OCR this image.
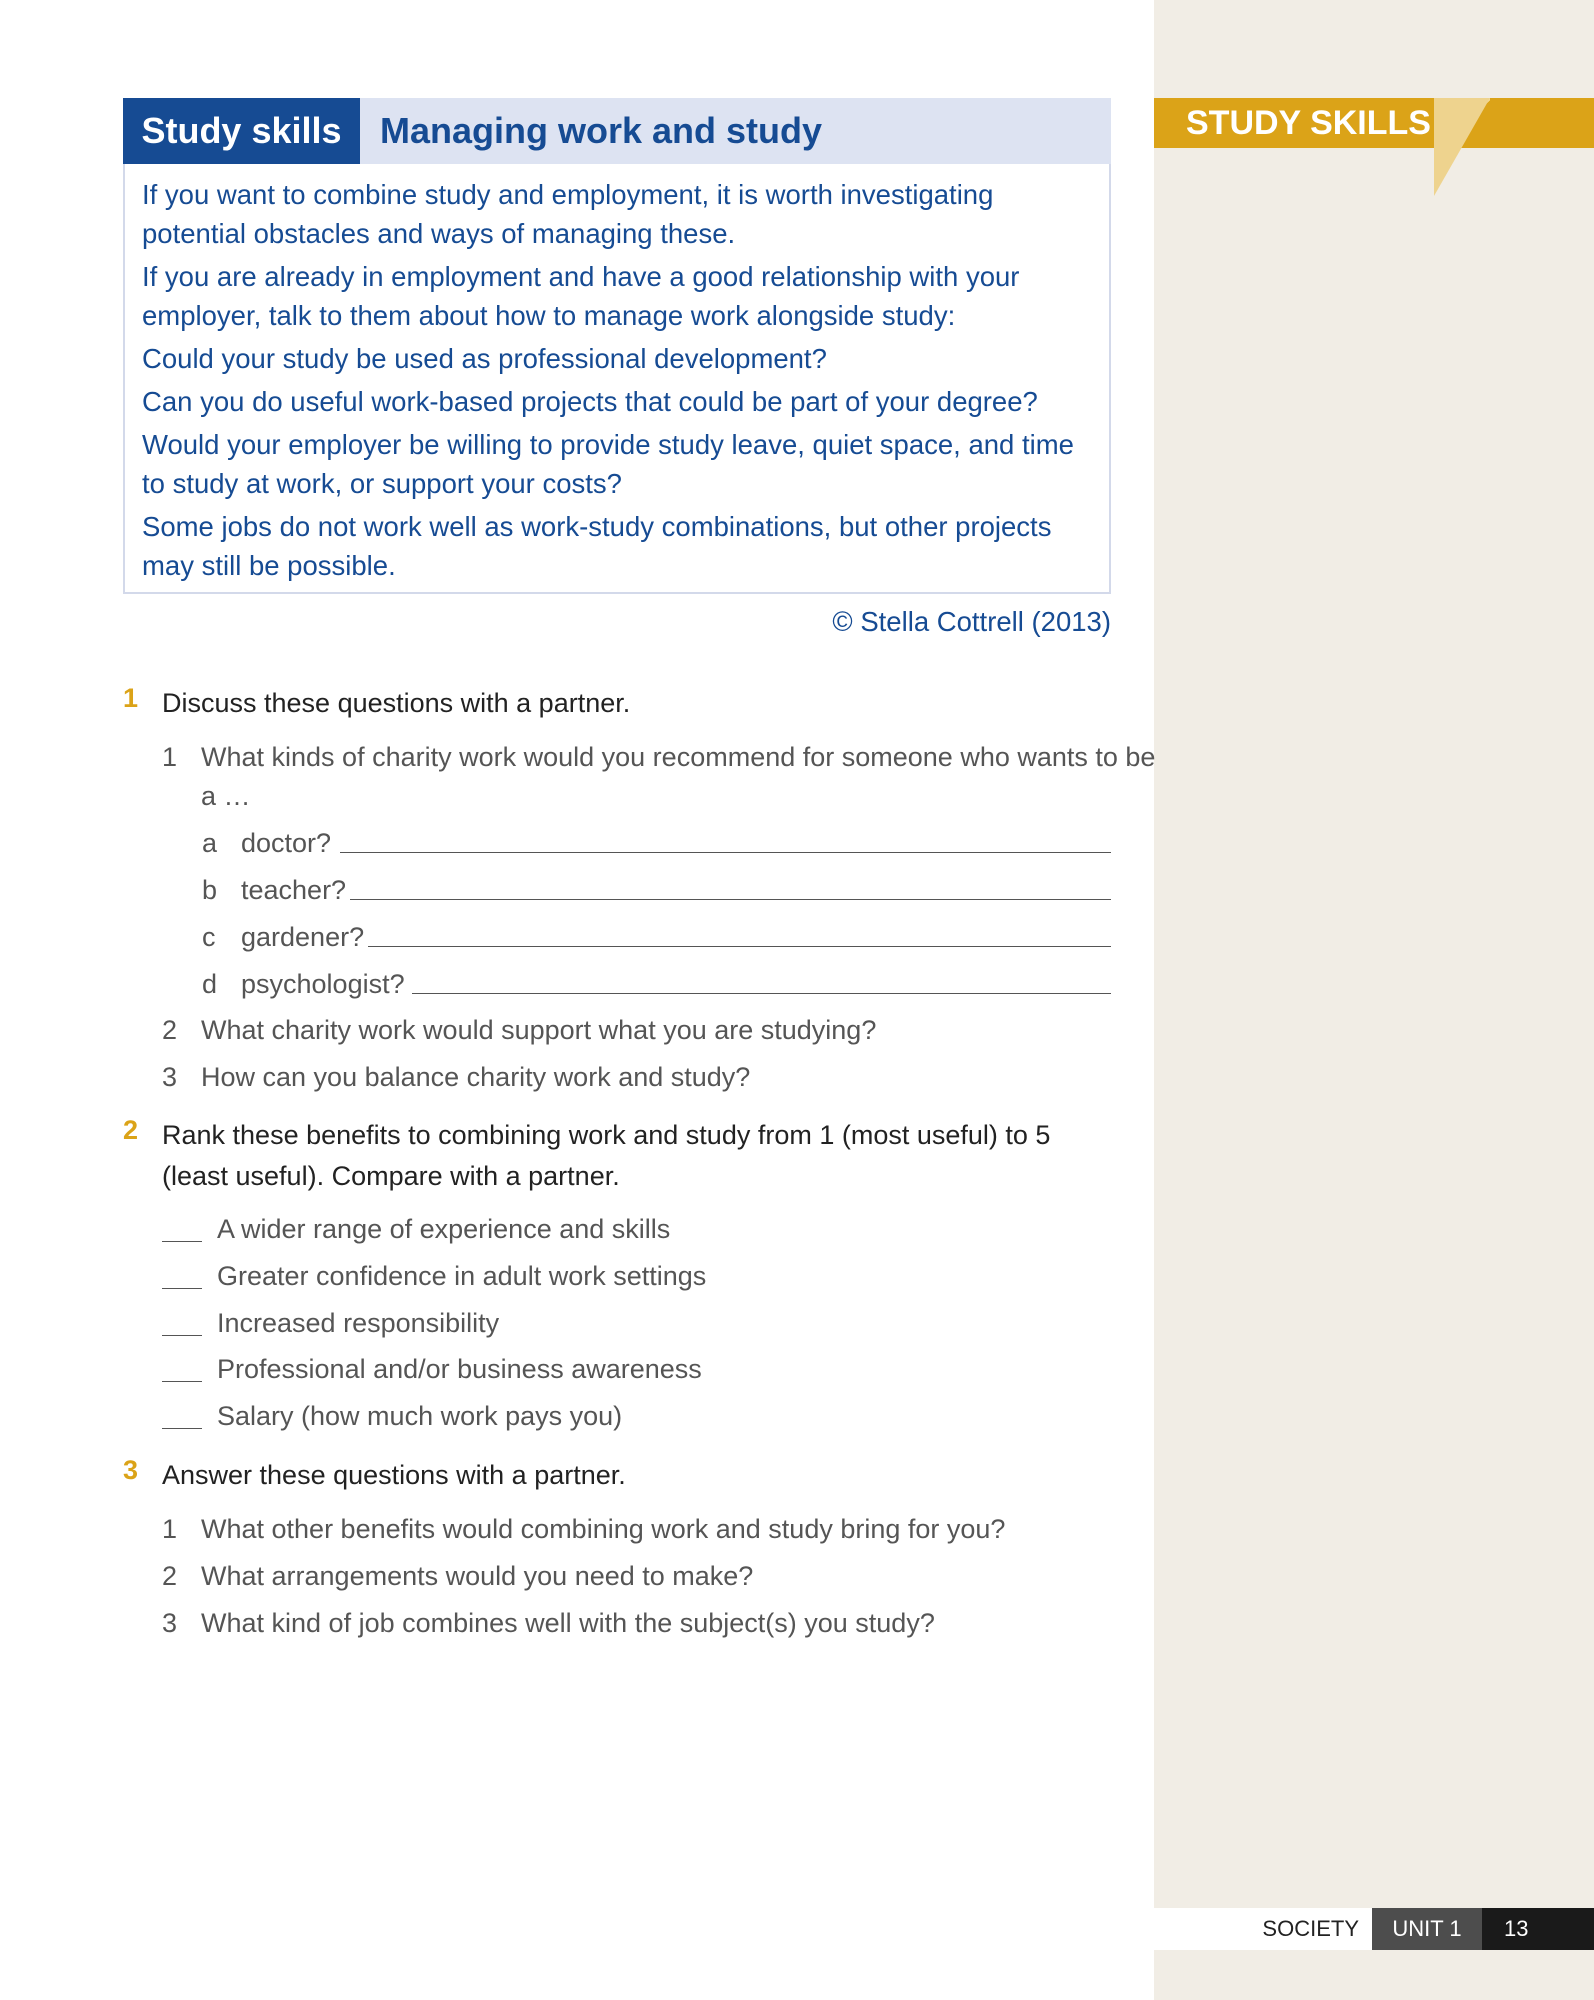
STUDY SKILLS
Study skills	Managing work and study

If you want to combine study and employment, it is worth investigating potential obstacles and ways of managing these.

If you are already in employment and have a good relationship with your employer, talk to them about how to manage work alongside study:

Could your study be used as professional development?

Can you do useful work-based projects that could be part of your degree?

Would your employer be willing to provide study leave, quiet space, and time to study at work, or support your costs?

Some jobs do not work well as work-study combinations, but other projects may still be possible.

© Stella Cottrell (2013)
1 Discuss these questions with a partner.
1 What kinds of charity work would you recommend for someone who wants to be a …
a doctor?
b teacher?
c gardener?
d psychologist?
2 What charity work would support what you are studying?
3 How can you balance charity work and study?
2 Rank these benefits to combining work and study from 1 (most useful) to 5 (least useful). Compare with a partner.
A wider range of experience and skills
Greater confidence in adult work settings
Increased responsibility
Professional and/or business awareness
Salary (how much work pays you)
3 Answer these questions with a partner.
1 What other benefits would combining work and study bring for you?
2 What arrangements would you need to make?
3 What kind of job combines well with the subject(s) you study?
SOCIETY	UNIT 1	13
